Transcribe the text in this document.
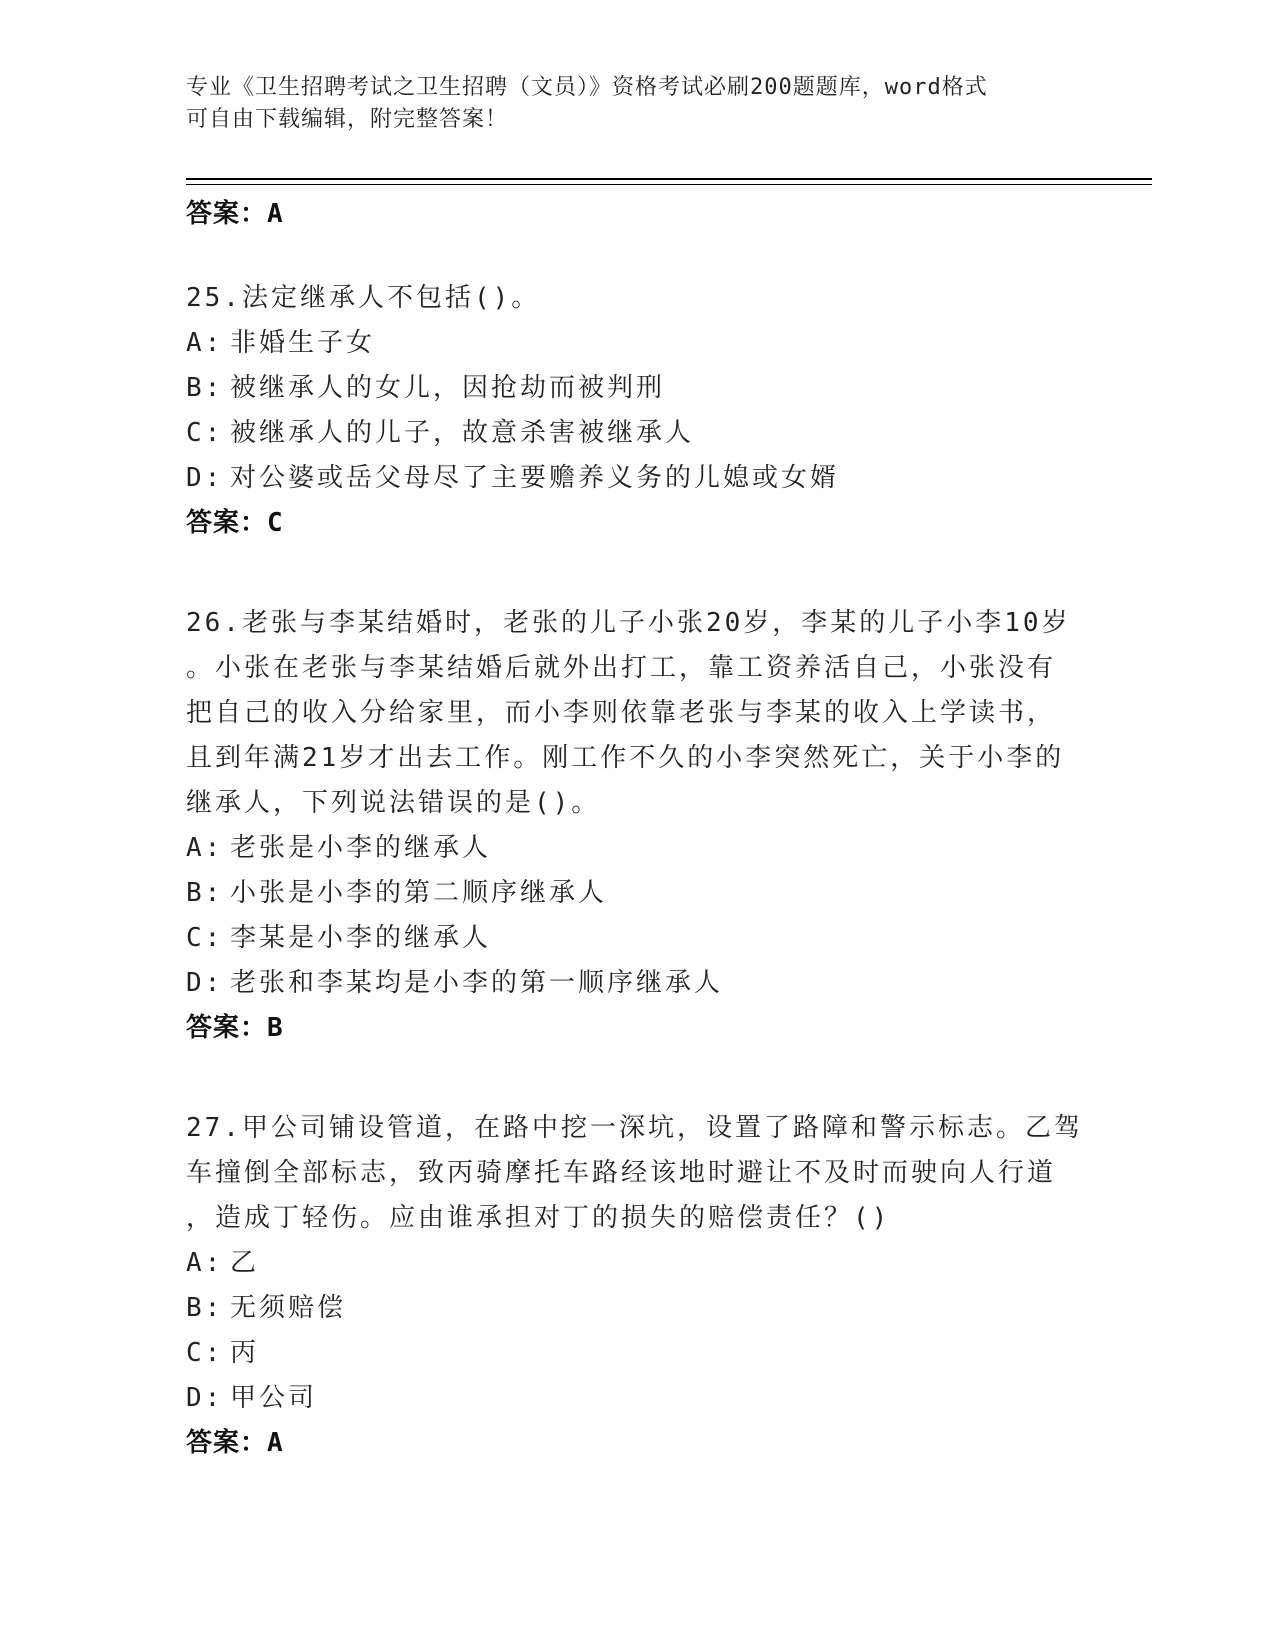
专业《卫生招聘考试之卫生招聘（文员）》资格考试必刷200题题库，word格式
可自由下载编辑，附完整答案！
答案：A
25.法定继承人不包括()。
A: 非婚生子女
B: 被继承人的女儿，因抢劫而被判刑
C: 被继承人的儿子，故意杀害被继承人
D: 对公婆或岳父母尽了主要赡养义务的儿媳或女婿
答案：C
26.老张与李某结婚时，老张的儿子小张20岁，李某的儿子小李10岁
。小张在老张与李某结婚后就外出打工，靠工资养活自己，小张没有
把自己的收入分给家里，而小李则依靠老张与李某的收入上学读书，
且到年满21岁才出去工作。刚工作不久的小李突然死亡，关于小李的
继承人，下列说法错误的是()。
A: 老张是小李的继承人
B: 小张是小李的第二顺序继承人
C: 李某是小李的继承人
D: 老张和李某均是小李的第一顺序继承人
答案：B
27.甲公司铺设管道，在路中挖一深坑，设置了路障和警示标志。乙驾
车撞倒全部标志，致丙骑摩托车路经该地时避让不及时而驶向人行道
，造成丁轻伤。应由谁承担对丁的损失的赔偿责任？()
A: 乙
B: 无须赔偿
C: 丙
D: 甲公司
答案：A
